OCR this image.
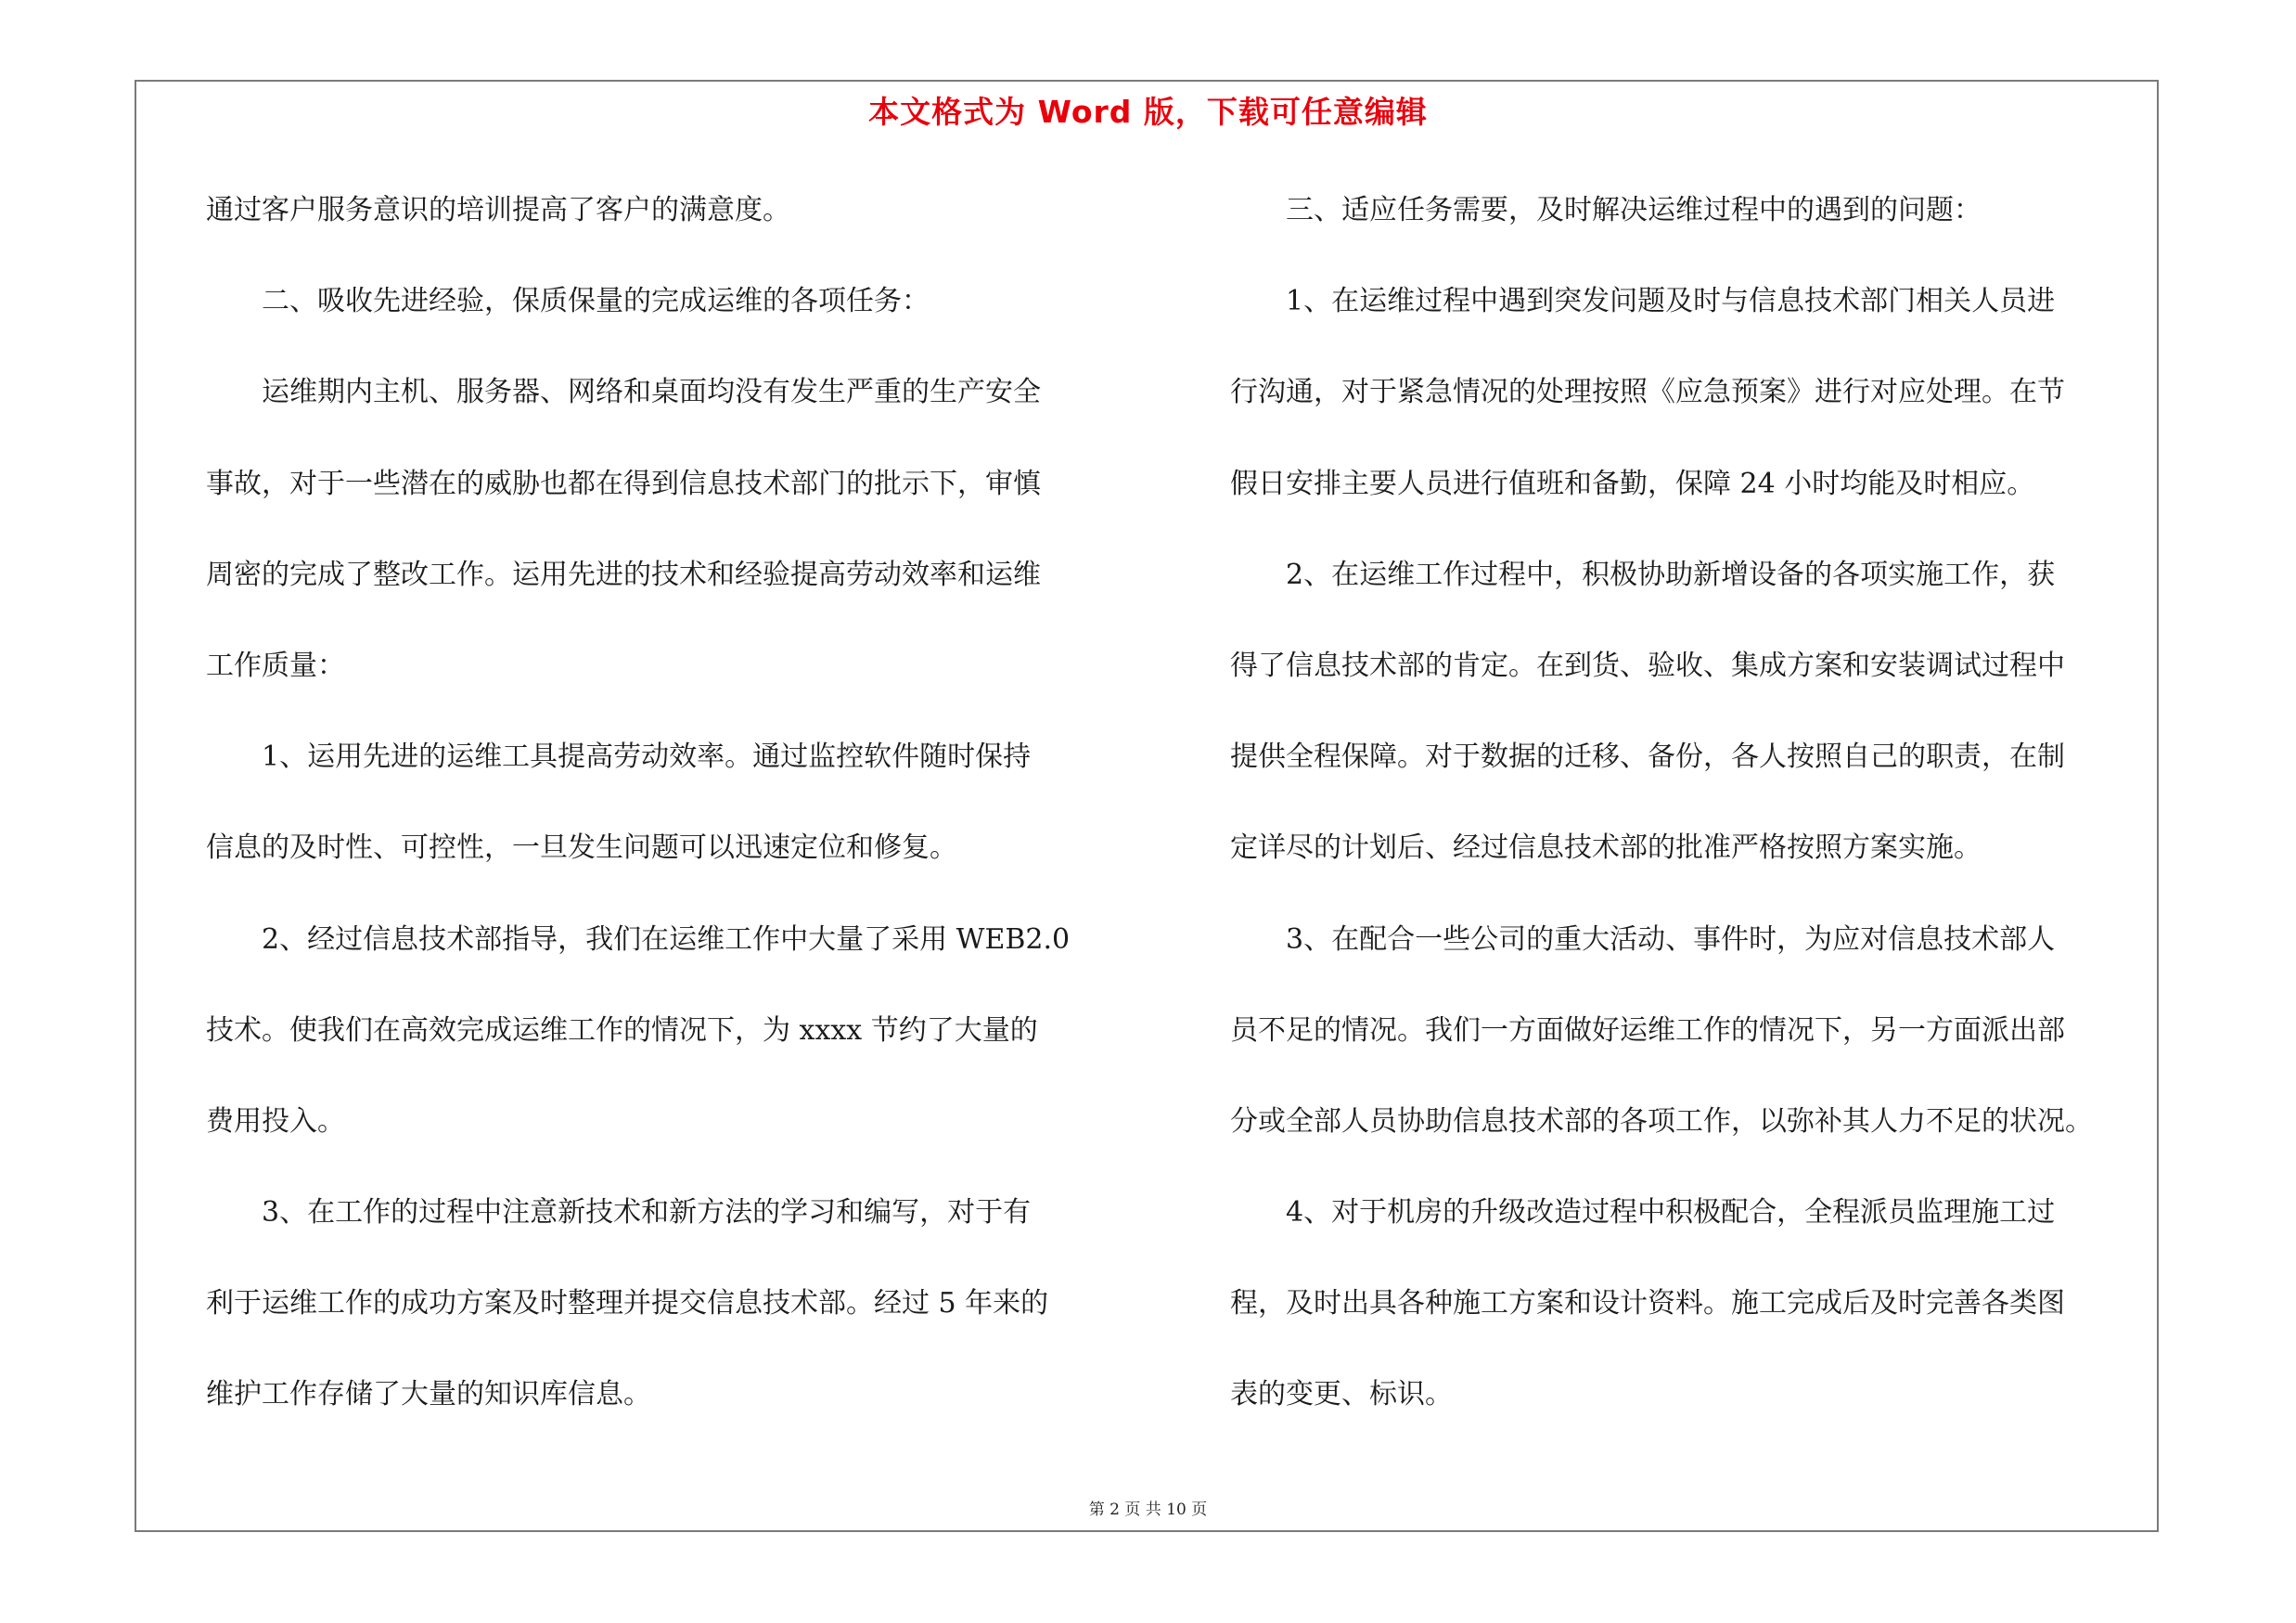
本文格式为 Word 版，下载可任意编辑
通过客户服务意识的培训提高了客户的满意度。
　　二、吸收先进经验，保质保量的完成运维的各项任务：
　　运维期内主机、服务器、网络和桌面均没有发生严重的生产安全
事故，对于一些潜在的威胁也都在得到信息技术部门的批示下，审慎
周密的完成了整改工作。运用先进的技术和经验提高劳动效率和运维
工作质量：
　　1、运用先进的运维工具提高劳动效率。通过监控软件随时保持
信息的及时性、可控性，一旦发生问题可以迅速定位和修复。
　　2、经过信息技术部指导，我们在运维工作中大量了采用 WEB2.0
技术。使我们在高效完成运维工作的情况下，为 xxxx 节约了大量的
费用投入。
　　3、在工作的过程中注意新技术和新方法的学习和编写，对于有
利于运维工作的成功方案及时整理并提交信息技术部。经过 5 年来的
维护工作存储了大量的知识库信息。
　　三、适应任务需要，及时解决运维过程中的遇到的问题：
　　1、在运维过程中遇到突发问题及时与信息技术部门相关人员进
行沟通，对于紧急情况的处理按照《应急预案》进行对应处理。在节
假日安排主要人员进行值班和备勤，保障 24 小时均能及时相应。
　　2、在运维工作过程中，积极协助新增设备的各项实施工作，获
得了信息技术部的肯定。在到货、验收、集成方案和安装调试过程中
提供全程保障。对于数据的迁移、备份，各人按照自己的职责，在制
定详尽的计划后、经过信息技术部的批准严格按照方案实施。
　　3、在配合一些公司的重大活动、事件时，为应对信息技术部人
员不足的情况。我们一方面做好运维工作的情况下，另一方面派出部
分或全部人员协助信息技术部的各项工作，以弥补其人力不足的状况。
　　4、对于机房的升级改造过程中积极配合，全程派员监理施工过
程，及时出具各种施工方案和设计资料。施工完成后及时完善各类图
表的变更、标识。
第 2 页 共 10 页
